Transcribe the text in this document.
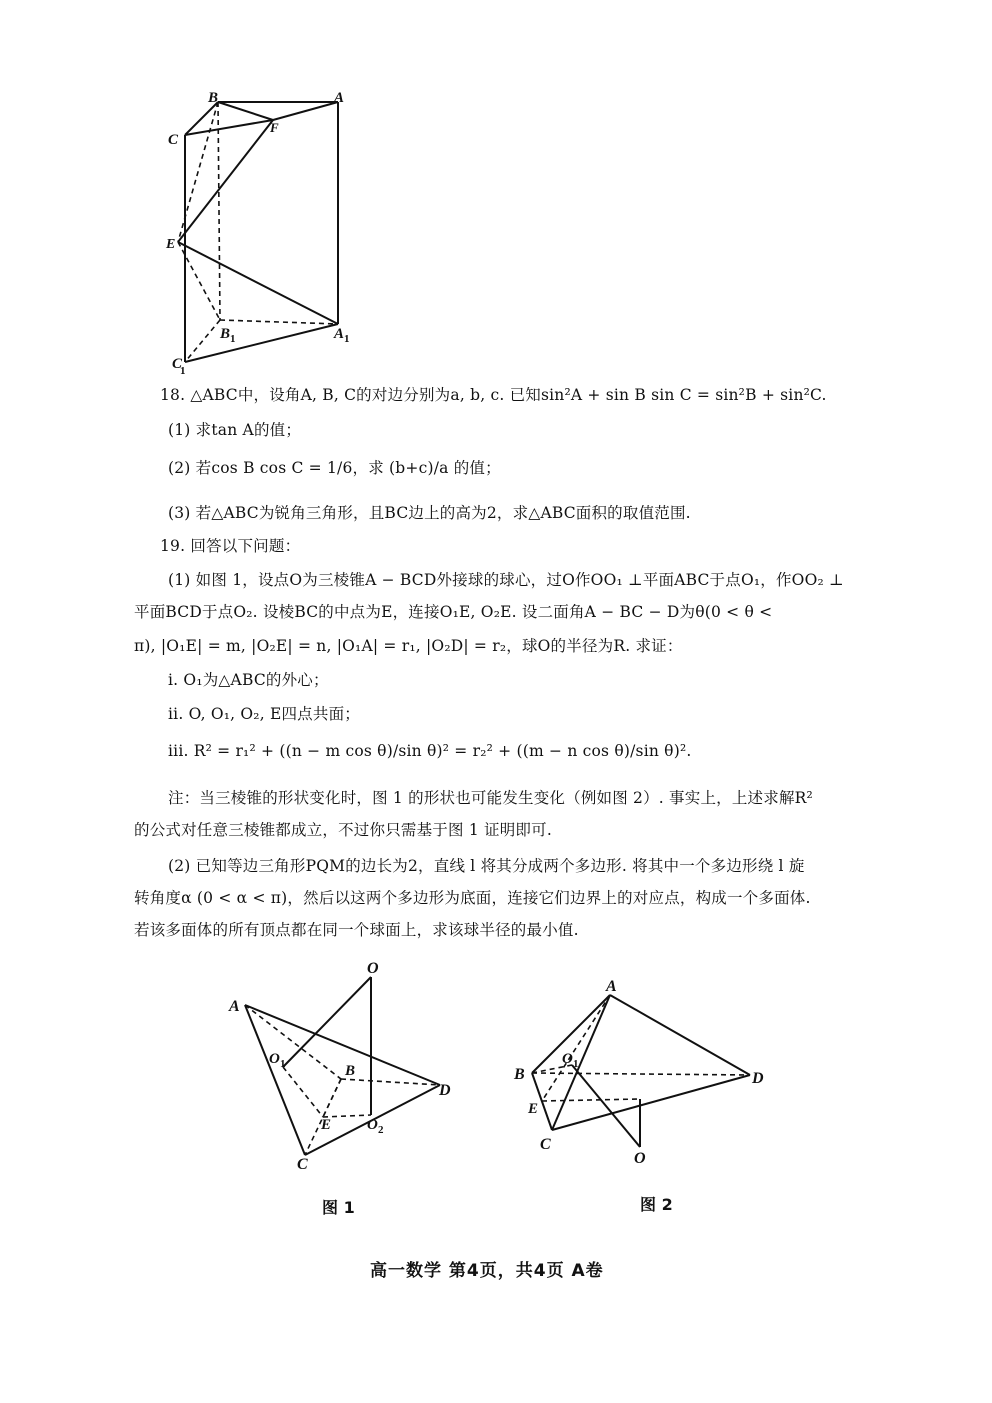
B	A
C
F
E
B 1	A 1
C
1
18. △ABC中，设角A, B, C的对边分别为a, b, c. 已知sin²A + sin B sin C = sin²B + sin²C.
(1) 求tan A的值；
(2) 若cos B cos C = 1/6，求 (b+c)/a 的值；
(3) 若△ABC为锐角三角形，且BC边上的高为2，求△ABC面积的取值范围.
19. 回答以下问题：
(1) 如图 1，设点O为三棱锥A − BCD外接球的球心，过O作OO₁ ⊥平面ABC于点O₁，作OO₂ ⊥
平面BCD于点O₂. 设棱BC的中点为E，连接O₁E, O₂E. 设二面角A − BC − D为θ(0 < θ <
π), |O₁E| = m, |O₂E| = n, |O₁A| = r₁, |O₂D| = r₂，球O的半径为R. 求证：
i. O₁为△ABC的外心；
ii. O, O₁, O₂, E四点共面；
iii. R² = r₁² + ((n − m cos θ)/sin θ)² = r₂² + ((m − n cos θ)/sin θ)².
注：当三棱锥的形状变化时，图 1 的形状也可能发生变化（例如图 2）. 事实上，上述求解R²
的公式对任意三棱锥都成立，不过你只需基于图 1 证明即可.
(2) 已知等边三角形PQM的边长为2，直线 l 将其分成两个多边形. 将其中一个多边形绕 l 旋
转角度α (0 < α < π)，然后以这两个多边形为底面，连接它们边界上的对应点，构成一个多面体.
若该多面体的所有顶点都在同一个球面上，求该球半径的最小值.
O
A
O 1	B
D
E O 2
C
A
O 1
B	D
E
C
O
图 1	图 2
高一数学 第4页，共4页 A卷
